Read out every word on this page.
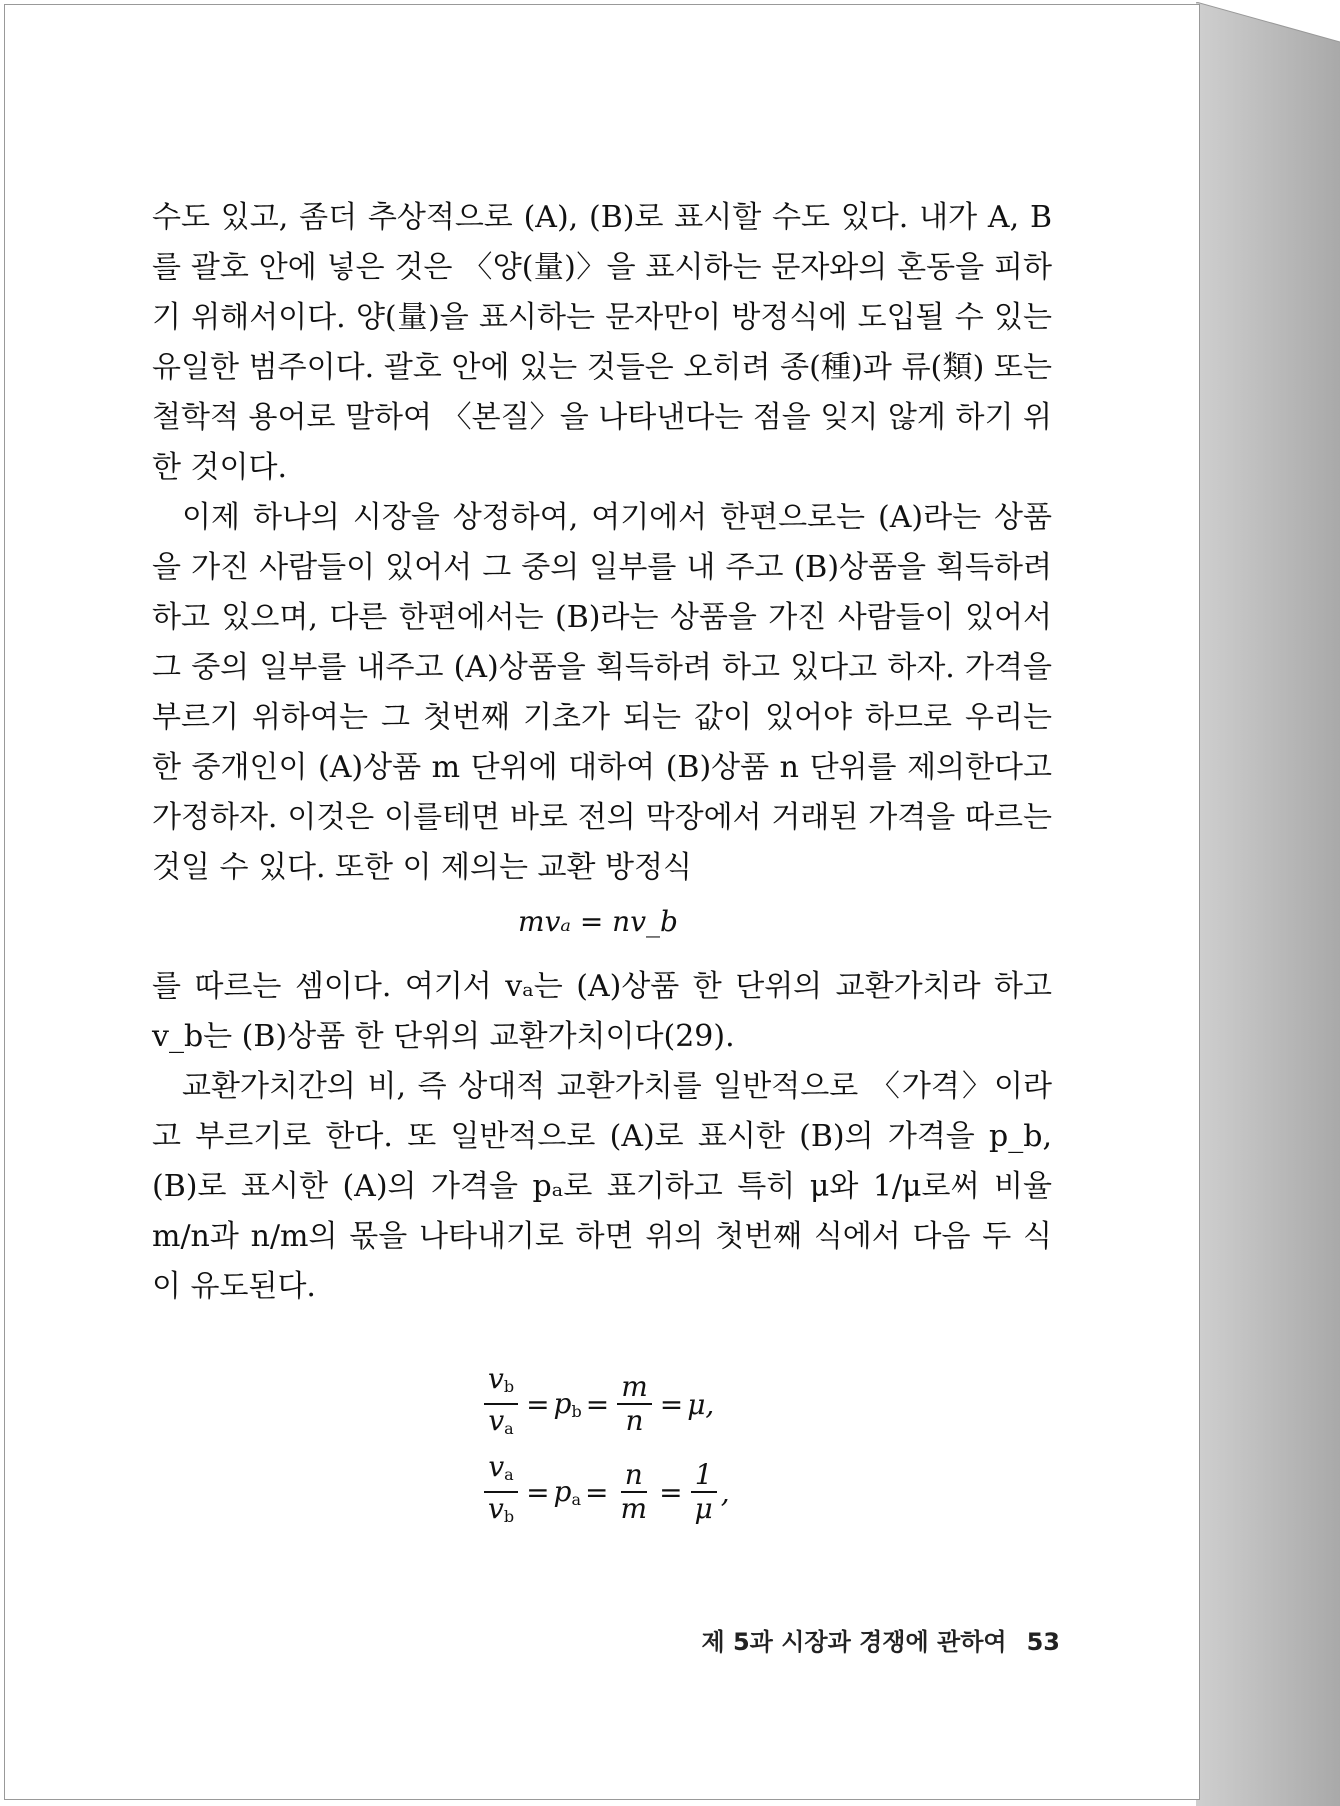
수도 있고, 좀더 추상적으로 (A), (B)로 표시할 수도 있다. 내가 A, B를 괄호 안에 넣은 것은 〈양(量)〉을 표시하는 문자와의 혼동을 피하기 위해서이다. 양(量)을 표시하는 문자만이 방정식에 도입될 수 있는 유일한 범주이다. 괄호 안에 있는 것들은 오히려 종(種)과 류(類) 또는 철학적 용어로 말하여 〈본질〉을 나타낸다는 점을 잊지 않게 하기 위한 것이다.

이제 하나의 시장을 상정하여, 여기에서 한편으로는 (A)라는 상품을 가진 사람들이 있어서 그 중의 일부를 내 주고 (B)상품을 획득하려 하고 있으며, 다른 한편에서는 (B)라는 상품을 가진 사람들이 있어서 그 중의 일부를 내주고 (A)상품을 획득하려 하고 있다고 하자. 가격을 부르기 위하여는 그 첫번째 기초가 되는 값이 있어야 하므로 우리는 한 중개인이 (A)상품 m 단위에 대하여 (B)상품 n 단위를 제의한다고 가정하자. 이것은 이를테면 바로 전의 막장에서 거래된 가격을 따르는 것일 수 있다. 또한 이 제의는 교환 방정식

mvₐ = nv_b

를 따르는 셈이다. 여기서 vₐ는 (A)상품 한 단위의 교환가치라 하고 v_b는 (B)상품 한 단위의 교환가치이다(29).

교환가치간의 비, 즉 상대적 교환가치를 일반적으로 〈가격〉이라고 부르기로 한다. 또 일반적으로 (A)로 표시한 (B)의 가격을 p_b, (B)로 표시한 (A)의 가격을 pₐ로 표기하고 특히 μ와 1/μ로써 비율 m/n과 n/m의 몫을 나타내기로 하면 위의 첫번째 식에서 다음 두 식이 유도된다.

$\frac{vb}{va}$ = pb = $\frac{m}{n} = \mu$,
$\frac{va}{vb}$ = pa = $\frac{n}{m} = \frac{1}{\mu}$ ,
제 5과 시장과 경쟁에 관하여 53
